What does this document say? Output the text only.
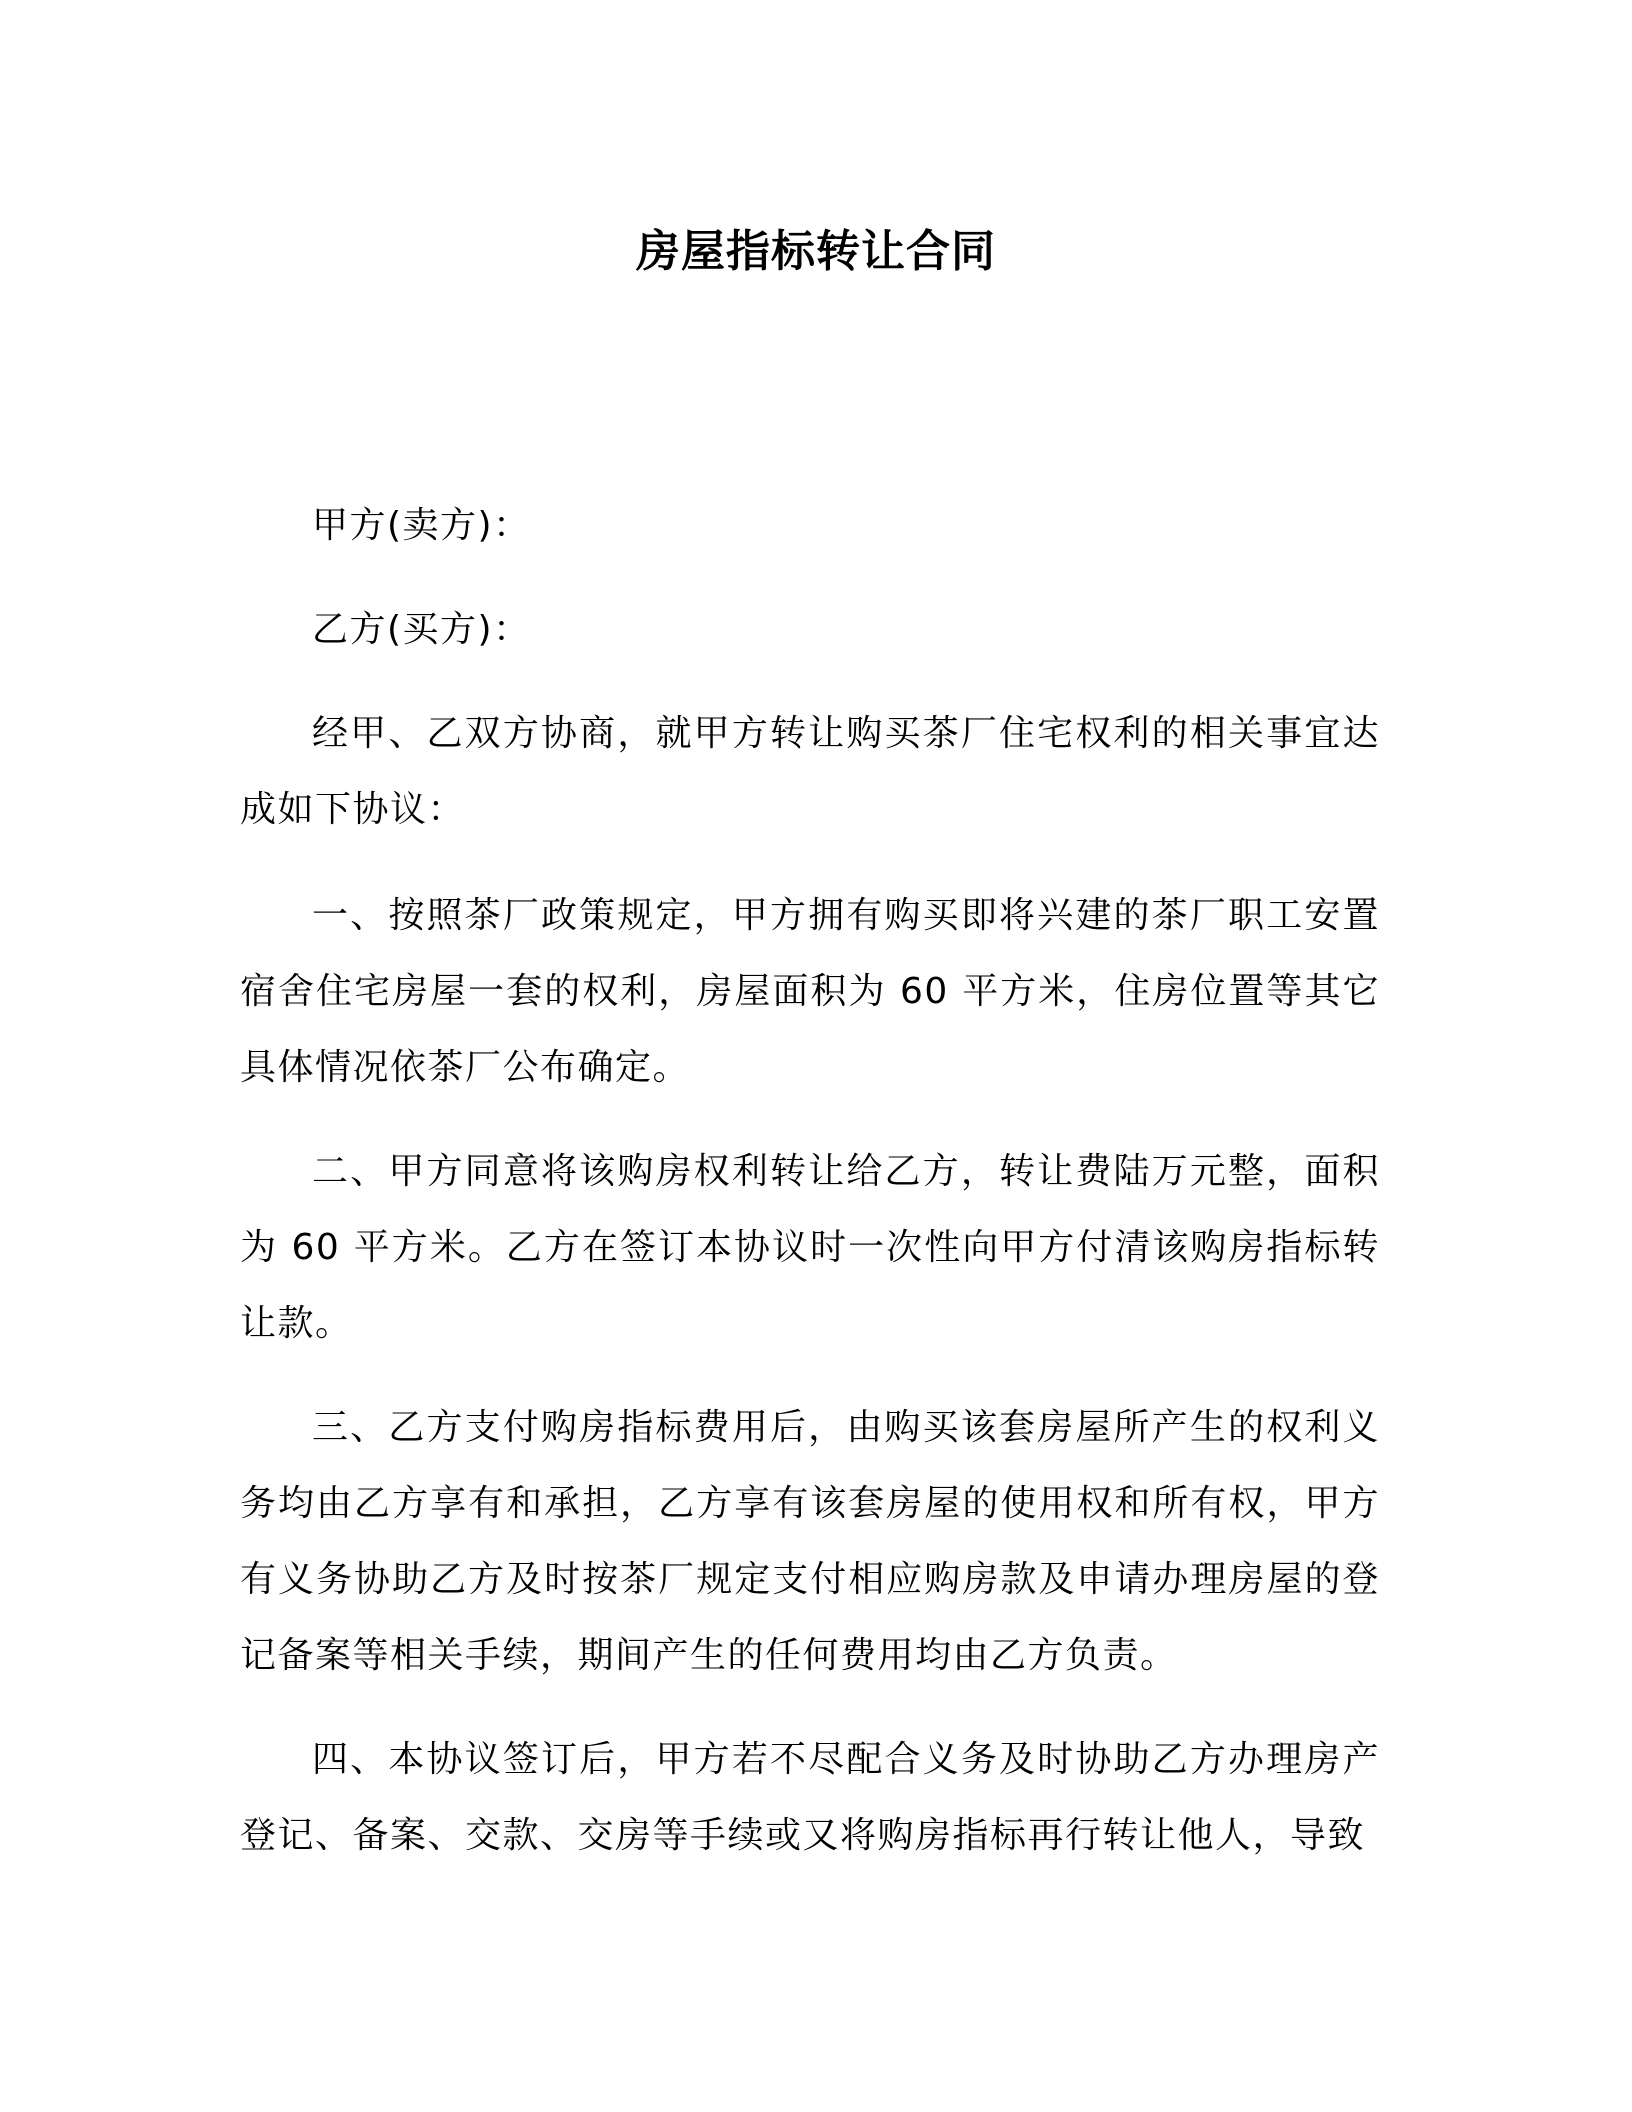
房屋指标转让合同

甲方(卖方)：

乙方(买方)：

经甲、乙双方协商，就甲方转让购买茶厂住宅权利的相关事宜达成如下协议：

一、按照茶厂政策规定，甲方拥有购买即将兴建的茶厂职工安置宿舍住宅房屋一套的权利，房屋面积为 60 平方米，住房位置等其它具体情况依茶厂公布确定。

二、甲方同意将该购房权利转让给乙方，转让费陆万元整，面积为 60 平方米。乙方在签订本协议时一次性向甲方付清该购房指标转让款。

三、乙方支付购房指标费用后，由购买该套房屋所产生的权利义务均由乙方享有和承担，乙方享有该套房屋的使用权和所有权，甲方有义务协助乙方及时按茶厂规定支付相应购房款及申请办理房屋的登记备案等相关手续，期间产生的任何费用均由乙方负责。

四、本协议签订后，甲方若不尽配合义务及时协助乙方办理房产登记、备案、交款、交房等手续或又将购房指标再行转让他人，导致
